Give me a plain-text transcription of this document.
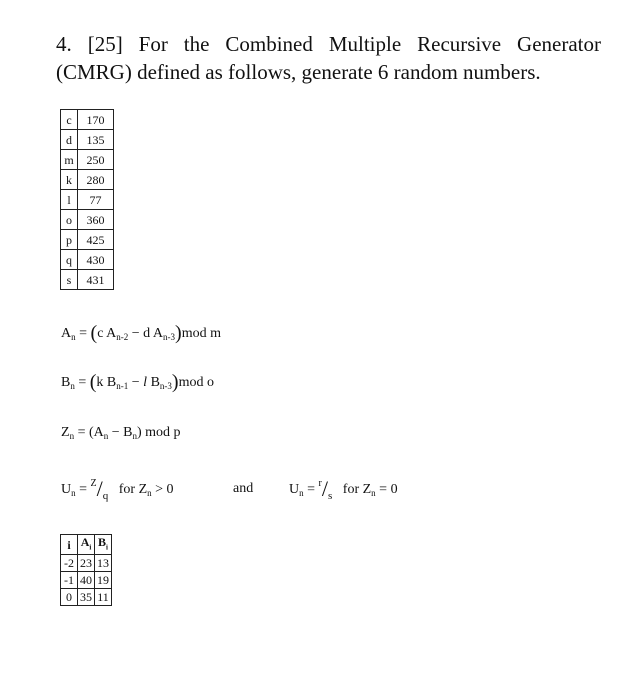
4. [25] For the Combined Multiple Recursive Generator (CMRG) defined as follows, generate 6 random numbers.

c	170
d	135
m	250
k	280
l	77
o	360
p	425
q	430
s	431
$A_n = (c$ $A_{n-2} - d$ $A_{n-3})mod$ m
$B_n = (k$ $B_{n-1} - l$ $B_{n-3})mod$ o
$Z_n = (A_n - B_n)$ mod p
$U_n = ^Z/_q$ for $Z_n > 0$	and	$U_n = ^r/_s$ for $Z_n = 0$
i	$A_i$	$B_i$
-2	23	13
-1	40	19
0	35	11
